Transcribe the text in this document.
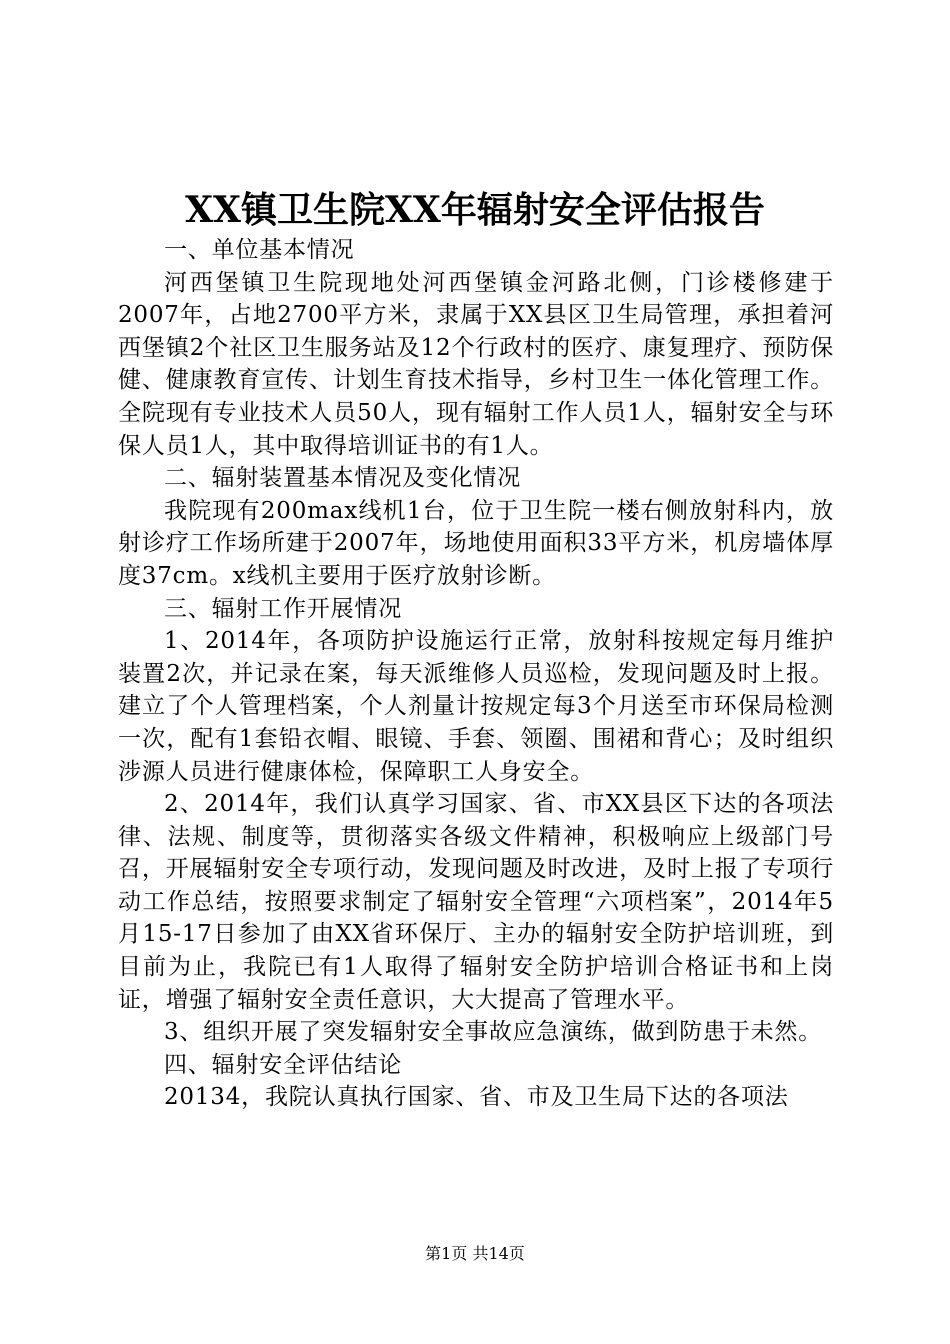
XX镇卫生院XX年辐射安全评估报告

一、单位基本情况

河西堡镇卫生院现地处河西堡镇金河路北侧，门诊楼修建于2007年，占地2700平方米，隶属于XX县区卫生局管理，承担着河西堡镇2个社区卫生服务站及12个行政村的医疗、康复理疗、预防保健、健康教育宣传、计划生育技术指导，乡村卫生一体化管理工作。全院现有专业技术人员50人，现有辐射工作人员1人，辐射安全与环保人员1人，其中取得培训证书的有1人。

二、辐射装置基本情况及变化情况

我院现有200max线机1台，位于卫生院一楼右侧放射科内，放射诊疗工作场所建于2007年，场地使用面积33平方米，机房墙体厚度37cm。x线机主要用于医疗放射诊断。

三、辐射工作开展情况

1、2014年，各项防护设施运行正常，放射科按规定每月维护装置2次，并记录在案，每天派维修人员巡检，发现问题及时上报。建立了个人管理档案，个人剂量计按规定每3个月送至市环保局检测一次，配有1套铅衣帽、眼镜、手套、领圈、围裙和背心；及时组织涉源人员进行健康体检，保障职工人身安全。

2、2014年，我们认真学习国家、省、市XX县区下达的各项法律、法规、制度等，贯彻落实各级文件精神，积极响应上级部门号召，开展辐射安全专项行动，发现问题及时改进，及时上报了专项行动工作总结，按照要求制定了辐射安全管理“六项档案”，2014年5月15-17日参加了由XX省环保厅、主办的辐射安全防护培训班，到目前为止，我院已有1人取得了辐射安全防护培训合格证书和上岗证，增强了辐射安全责任意识，大大提高了管理水平。

3、组织开展了突发辐射安全事故应急演练，做到防患于未然。

四、辐射安全评估结论

20134，我院认真执行国家、省、市及卫生局下达的各项法

第1页 共14页
